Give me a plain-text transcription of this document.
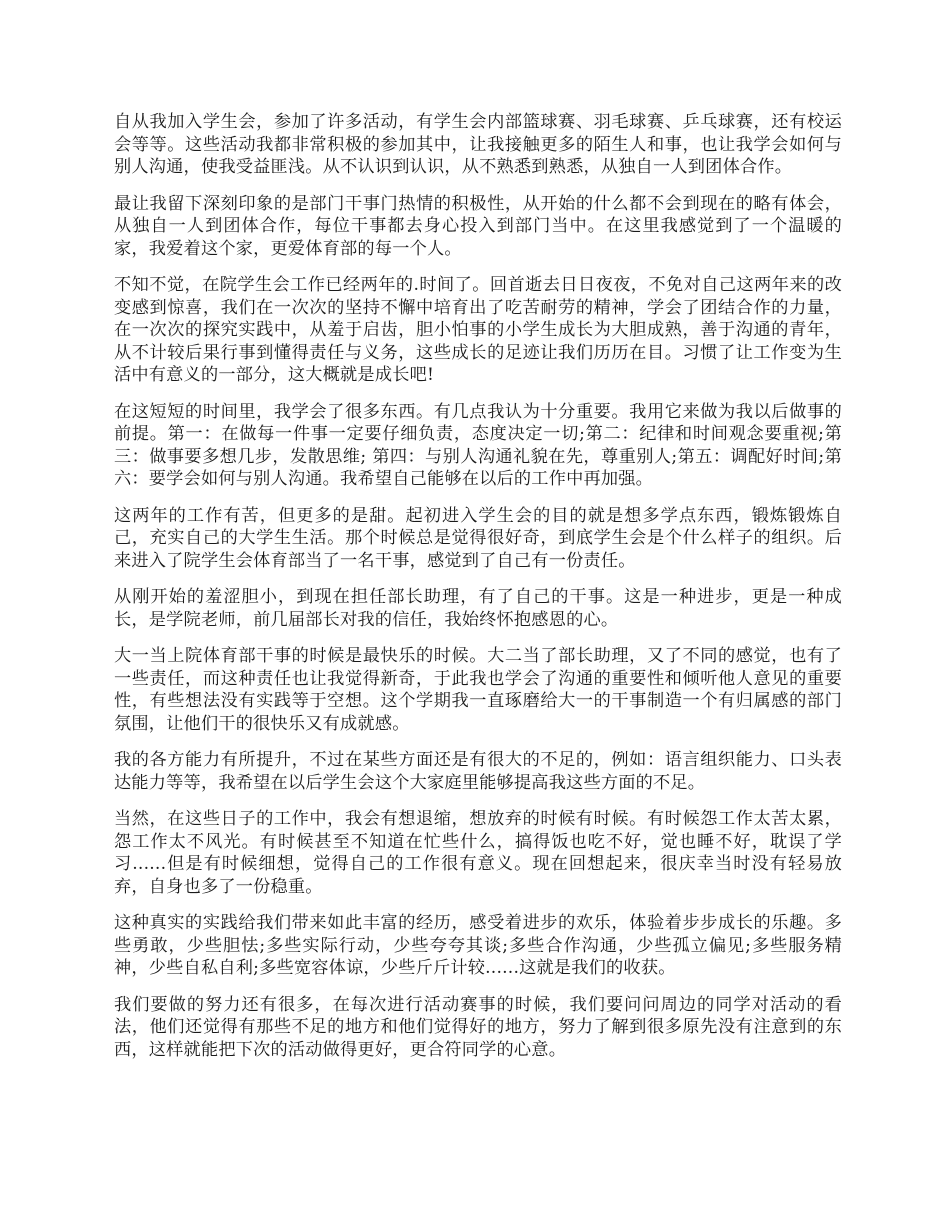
自从我加入学生会，参加了许多活动，有学生会内部篮球赛、羽毛球赛、乒乓球赛，还有校运会等等。这些活动我都非常积极的参加其中，让我接触更多的陌生人和事，也让我学会如何与别人沟通，使我受益匪浅。从不认识到认识，从不熟悉到熟悉，从独自一人到团体合作。

最让我留下深刻印象的是部门干事门热情的积极性，从开始的什么都不会到现在的略有体会，从独自一人到团体合作，每位干事都去身心投入到部门当中。在这里我感觉到了一个温暖的家，我爱着这个家，更爱体育部的每一个人。

不知不觉，在院学生会工作已经两年的.时间了。回首逝去日日夜夜，不免对自己这两年来的改变感到惊喜，我们在一次次的坚持不懈中培育出了吃苦耐劳的精神，学会了团结合作的力量，在一次次的探究实践中，从羞于启齿，胆小怕事的小学生成长为大胆成熟，善于沟通的青年，从不计较后果行事到懂得责任与义务，这些成长的足迹让我们历历在目。习惯了让工作变为生活中有意义的一部分，这大概就是成长吧!

在这短短的时间里，我学会了很多东西。有几点我认为十分重要。我用它来做为我以后做事的前提。第一：在做每一件事一定要仔细负责，态度决定一切;第二：纪律和时间观念要重视;第三：做事要多想几步，发散思维; 第四：与别人沟通礼貌在先，尊重别人;第五：调配好时间;第六：要学会如何与别人沟通。我希望自己能够在以后的工作中再加强。

这两年的工作有苦，但更多的是甜。起初进入学生会的目的就是想多学点东西，锻炼锻炼自己，充实自己的大学生生活。那个时候总是觉得很好奇，到底学生会是个什么样子的组织。后来进入了院学生会体育部当了一名干事，感觉到了自己有一份责任。

从刚开始的羞涩胆小，到现在担任部长助理，有了自己的干事。这是一种进步，更是一种成长，是学院老师，前几届部长对我的信任，我始终怀抱感恩的心。

大一当上院体育部干事的时候是最快乐的时候。大二当了部长助理，又了不同的感觉，也有了一些责任，而这种责任也让我觉得新奇，于此我也学会了沟通的重要性和倾听他人意见的重要性，有些想法没有实践等于空想。这个学期我一直琢磨给大一的干事制造一个有归属感的部门氛围，让他们干的很快乐又有成就感。

我的各方能力有所提升，不过在某些方面还是有很大的不足的，例如：语言组织能力、口头表达能力等等，我希望在以后学生会这个大家庭里能够提高我这些方面的不足。

当然，在这些日子的工作中，我会有想退缩，想放弃的时候有时候。有时候怨工作太苦太累，怨工作太不风光。有时候甚至不知道在忙些什么，搞得饭也吃不好，觉也睡不好，耽误了学习......但是有时候细想，觉得自己的工作很有意义。现在回想起来，很庆幸当时没有轻易放弃，自身也多了一份稳重。

这种真实的实践给我们带来如此丰富的经历，感受着进步的欢乐，体验着步步成长的乐趣。多些勇敢，少些胆怯;多些实际行动，少些夸夸其谈;多些合作沟通，少些孤立偏见;多些服务精神，少些自私自利;多些宽容体谅，少些斤斤计较......这就是我们的收获。

我们要做的努力还有很多，在每次进行活动赛事的时候，我们要问问周边的同学对活动的看法，他们还觉得有那些不足的地方和他们觉得好的地方，努力了解到很多原先没有注意到的东西，这样就能把下次的活动做得更好，更合符同学的心意。
